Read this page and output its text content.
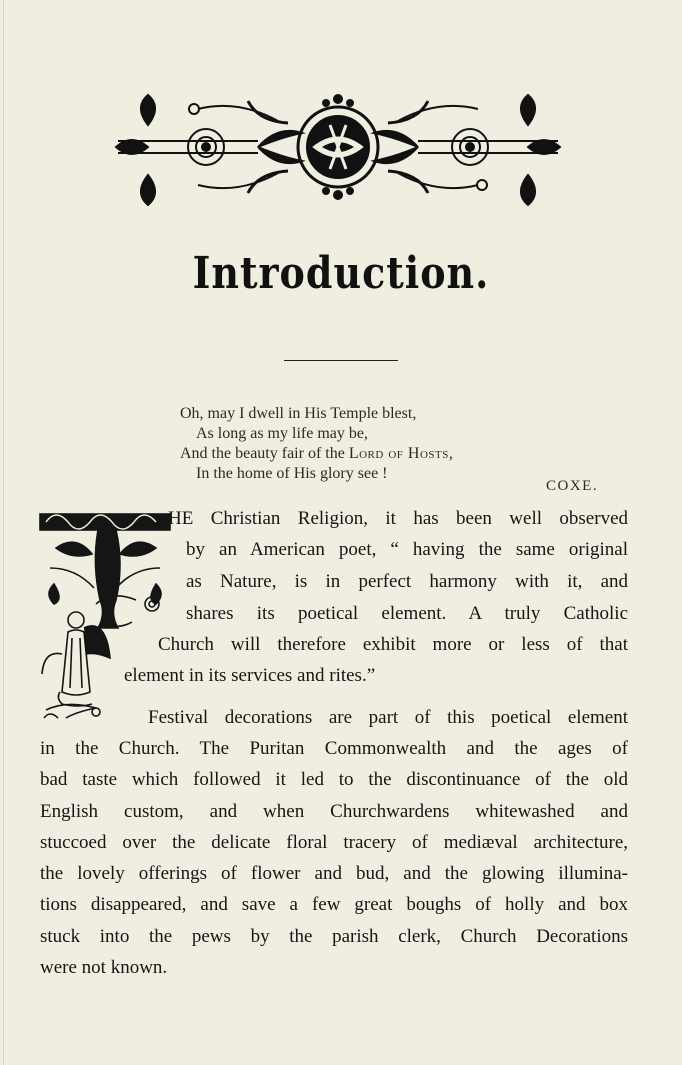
Introduction.
Oh, may I dwell in His Temple blest,
As long as my life may be,
And the beauty fair of the Lord of Hosts,
In the home of His glory see !
COXE.
HE Christian Religion, it has been well observed
by an American poet, “ having the same original
as Nature, is in perfect harmony with it, and
shares its poetical element. A truly Catholic
Church will therefore exhibit more or less of that
element in its services and rites.”
Festival decorations are part of this poetical element
in the Church. The Puritan Commonwealth and the ages of
bad taste which followed it led to the discontinuance of the old
English custom, and when Churchwardens whitewashed and
stuccoed over the delicate floral tracery of mediæval architecture,
the lovely offerings of flower and bud, and the glowing illumina-
tions disappeared, and save a few great boughs of holly and box
stuck into the pews by the parish clerk, Church Decorations
were not known.
